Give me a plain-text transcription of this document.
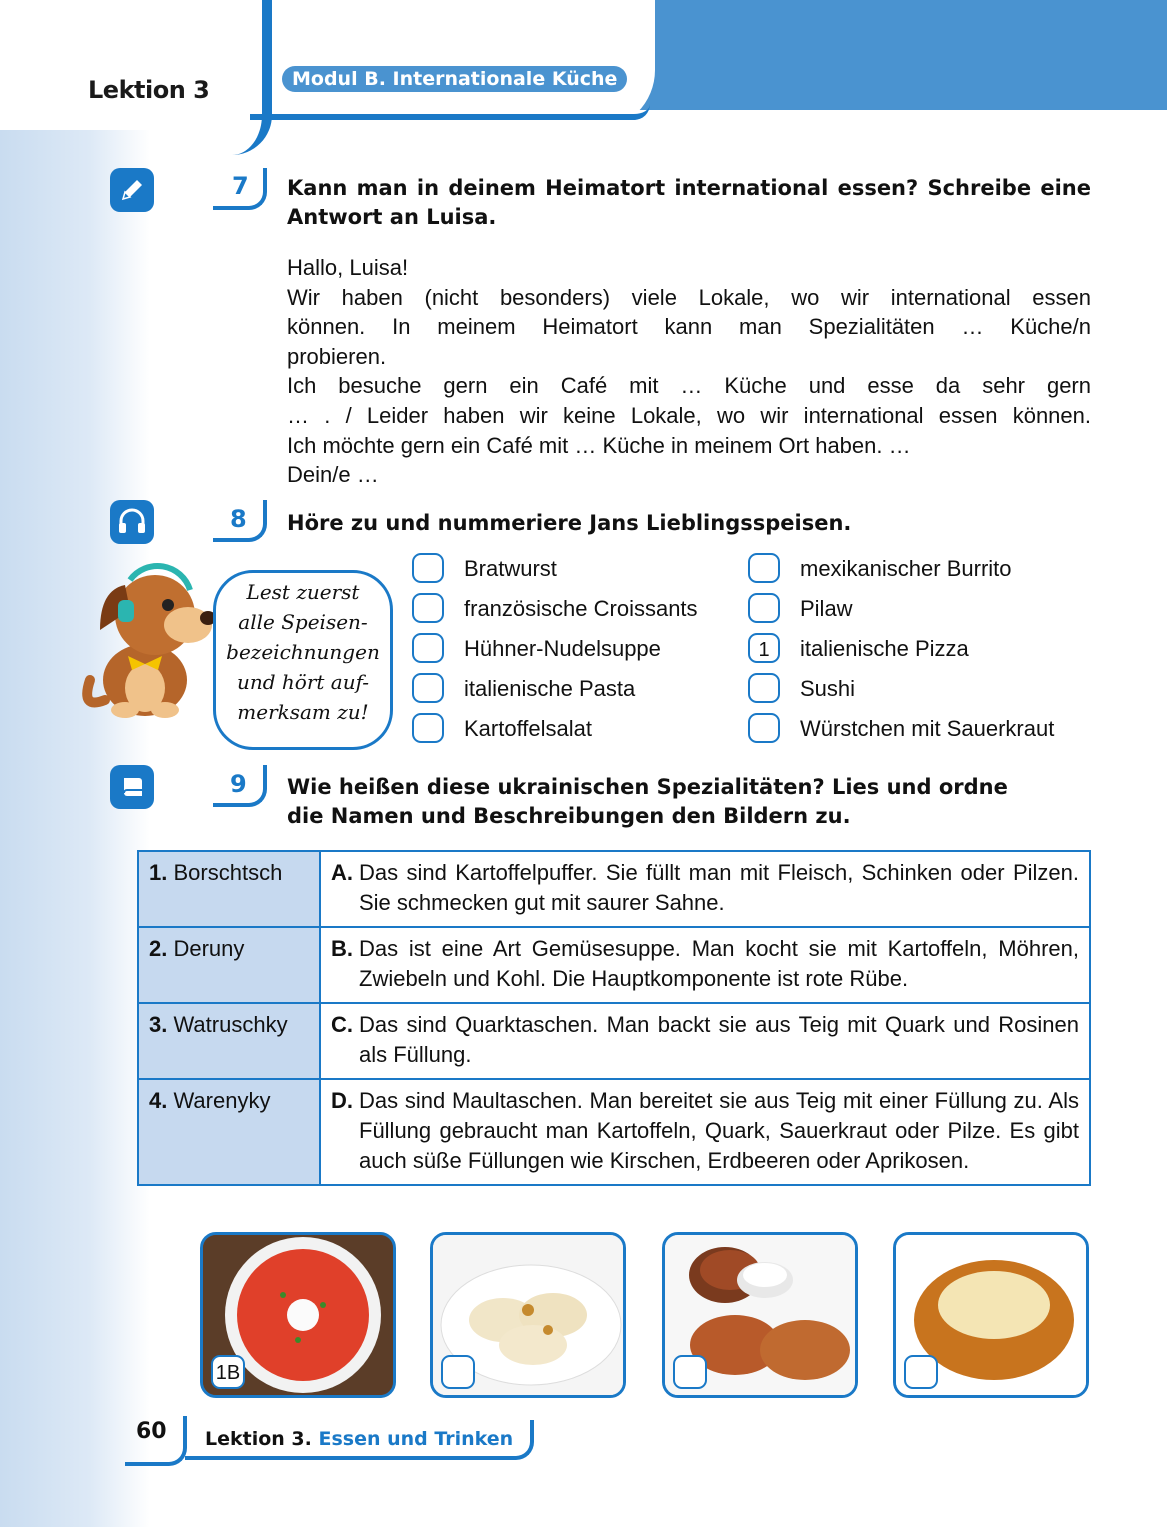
Lektion 3	Modul B. Internationale Küche
7 Kann man in deinem Heimatort international essen? Schreibe eine
Antwort an Luisa.
Hallo, Luisa!
Wir haben (nicht besonders) viele Lokale, wo wir international essen
können. In meinem Heimatort kann man Spezialitäten … Küche/n
probieren.
Ich besuche gern ein Café mit … Küche und esse da sehr gern
… . / Leider haben wir keine Lokale, wo wir international essen können.
Ich möchte gern ein Café mit … Küche in meinem Ort haben. …
Dein/e …
8 Höre zu und nummeriere Jans Lieblingsspeisen.
Lest zuerst
alle Speisen-
bezeichnungen
und hört auf-
merksam zu!
Bratwurst
französische Croissants
Hühner-Nudelsuppe
italienische Pasta
Kartoffelsalat
mexikanischer Burrito
Pilaw
1	italienische Pizza
Sushi
Würstchen mit Sauerkraut
9 Wie heißen diese ukrainischen Spezialitäten? Lies und ordne
die Namen und Beschreibungen den Bildern zu.
1. Borschtsch	A. Das sind Kartoffelpuffer. Sie füllt man mit Fleisch, Schinken oder Pilzen. Sie schmecken gut mit saurer Sahne.
2. Deruny	B. Das ist eine Art Gemüsesuppe. Man kocht sie mit Kartoffeln, Möhren, Zwiebeln und Kohl. Die Hauptkomponente ist rote Rübe.
3. Watruschky	C. Das sind Quarktaschen. Man backt sie aus Teig mit Quark und Rosinen als Füllung.
4. Warenyky	D. Das sind Maultaschen. Man bereitet sie aus Teig mit einer Füllung zu. Als Füllung gebraucht man Kartoffeln, Quark, Sauerkraut oder Pilze. Es gibt auch süße Füllungen wie Kirschen, Erdbeeren oder Aprikosen.
1B
60 Lektion 3. Essen und Trinken
